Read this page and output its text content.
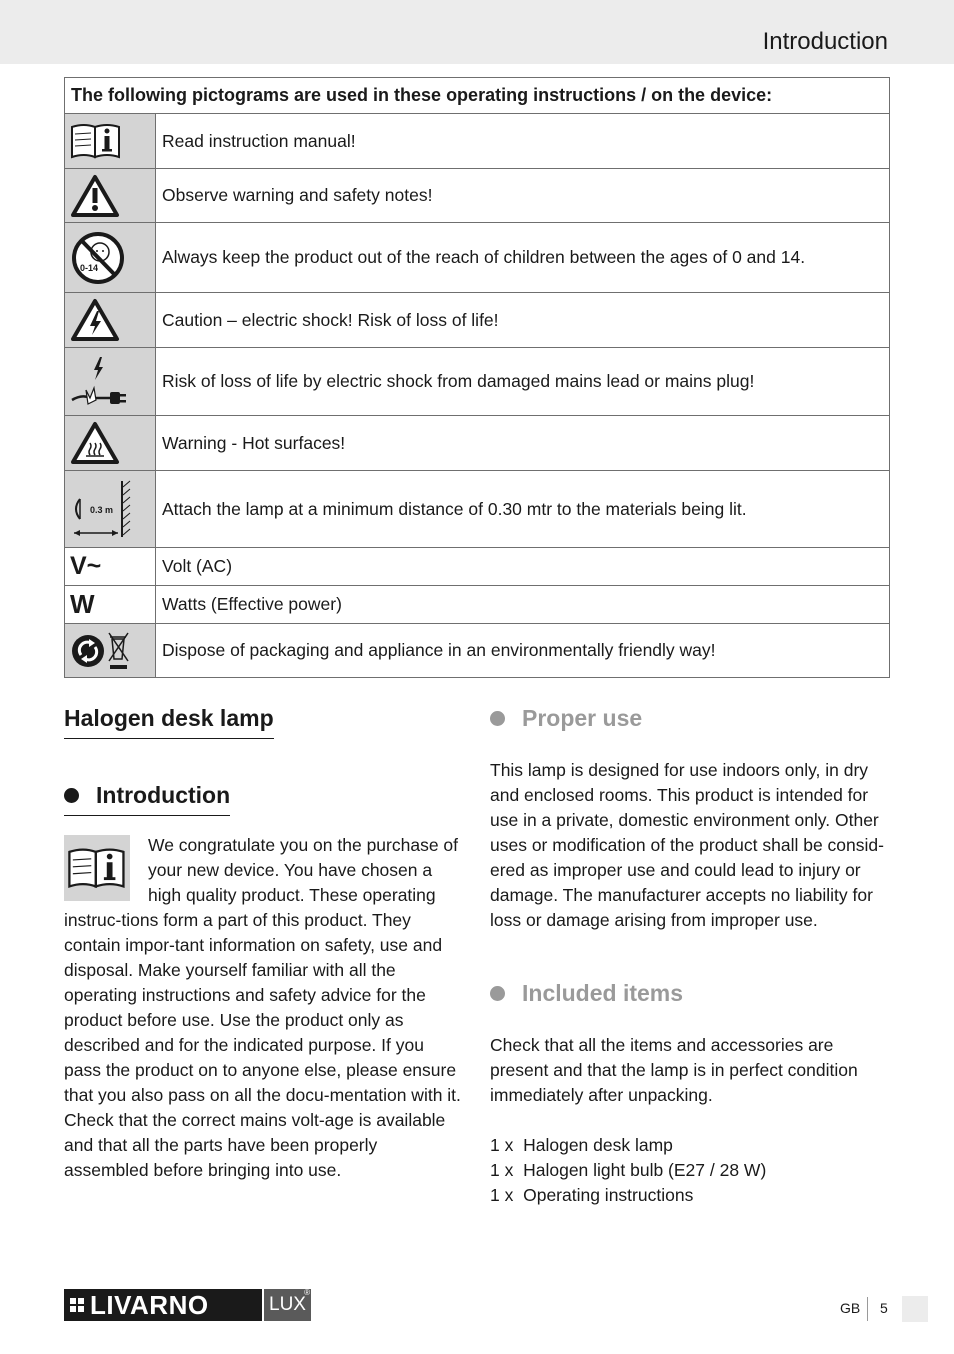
Introduction
The following pictograms are used in these operating instructions / on the device:	

	Read instruction manual!

	Observe warning and safety notes!

0-14	Always keep the product out of the reach of children between the ages of 0 and 14.

	Caution – electric shock! Risk of loss of life!

	Risk of loss of life by electric shock from damaged mains lead or mains plug!

	Warning - Hot surfaces!

0.3 m	Attach the lamp at a minimum distance of 0.30 mtr to the materials being lit.
V~	Volt (AC)
W	Watts (Effective power)

	Dispose of packaging and appliance in an environmentally friendly way!
Halogen desk lamp
Introduction

We congratulate you on the purchase of your new device. You have chosen a high quality product. These operating instruc-tions form a part of this product. They contain impor-tant information on safety, use and disposal. Make yourself familiar with all the operating instructions and safety advice for the product before use. Use the product only as described and for the indicated purpose. If you pass the product on to anyone else, please ensure that you also pass on all the docu-mentation with it. Check that the correct mains volt-age is available and that all the parts have been properly assembled before bringing into use.

Proper use

This lamp is designed for use indoors only, in dry and enclosed rooms. This product is intended for use in a private, domestic environment only. Other uses or modification of the product shall be consid-ered as improper use and could lead to injury or damage. The manufacturer accepts no liability for loss or damage arising from improper use.

Included items

Check that all the items and accessories are present and that the lamp is in perfect condition immediately after unpacking.

1 x Halogen desk lamp
1 x Halogen light bulb (E27 / 28 W)
1 x Operating instructions
LIVARNO	LUX
®
GB 5
